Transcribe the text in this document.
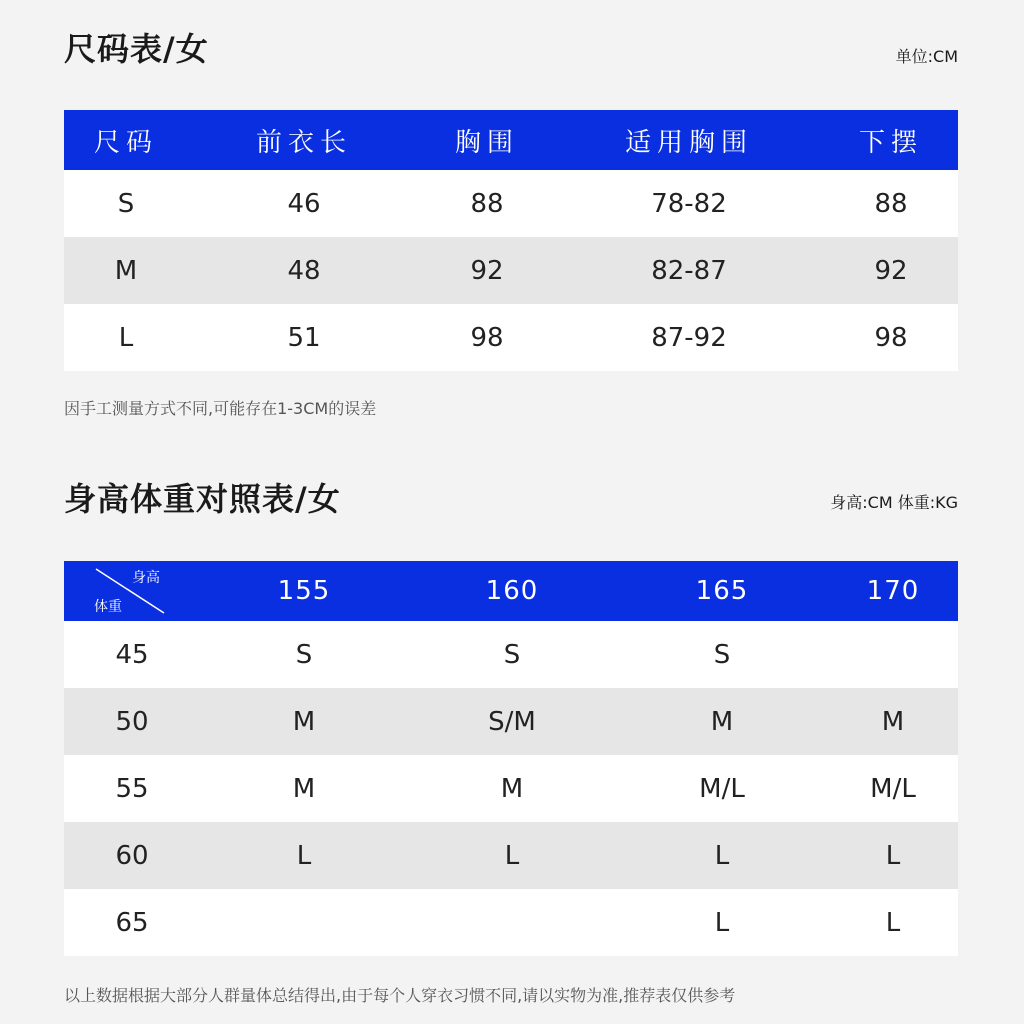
尺码表/女	单位:CM
尺码	前衣长	胸围	适用胸围	下摆
S	46	88	78-82	88
M	48	92	82-87	92
L	51	98	87-92	98
因手工测量方式不同,可能存在1-3CM的误差
身高体重对照表/女	身高:CM 体重:KG
身高
体重	155	160	165	170
45	S	S	S	
50	M	S/M	M	M
55	M	M	M/L	M/L
60	L	L	L	L
65			L	L
以上数据根据大部分人群量体总结得出,由于每个人穿衣习惯不同,请以实物为准,推荐表仅供参考
